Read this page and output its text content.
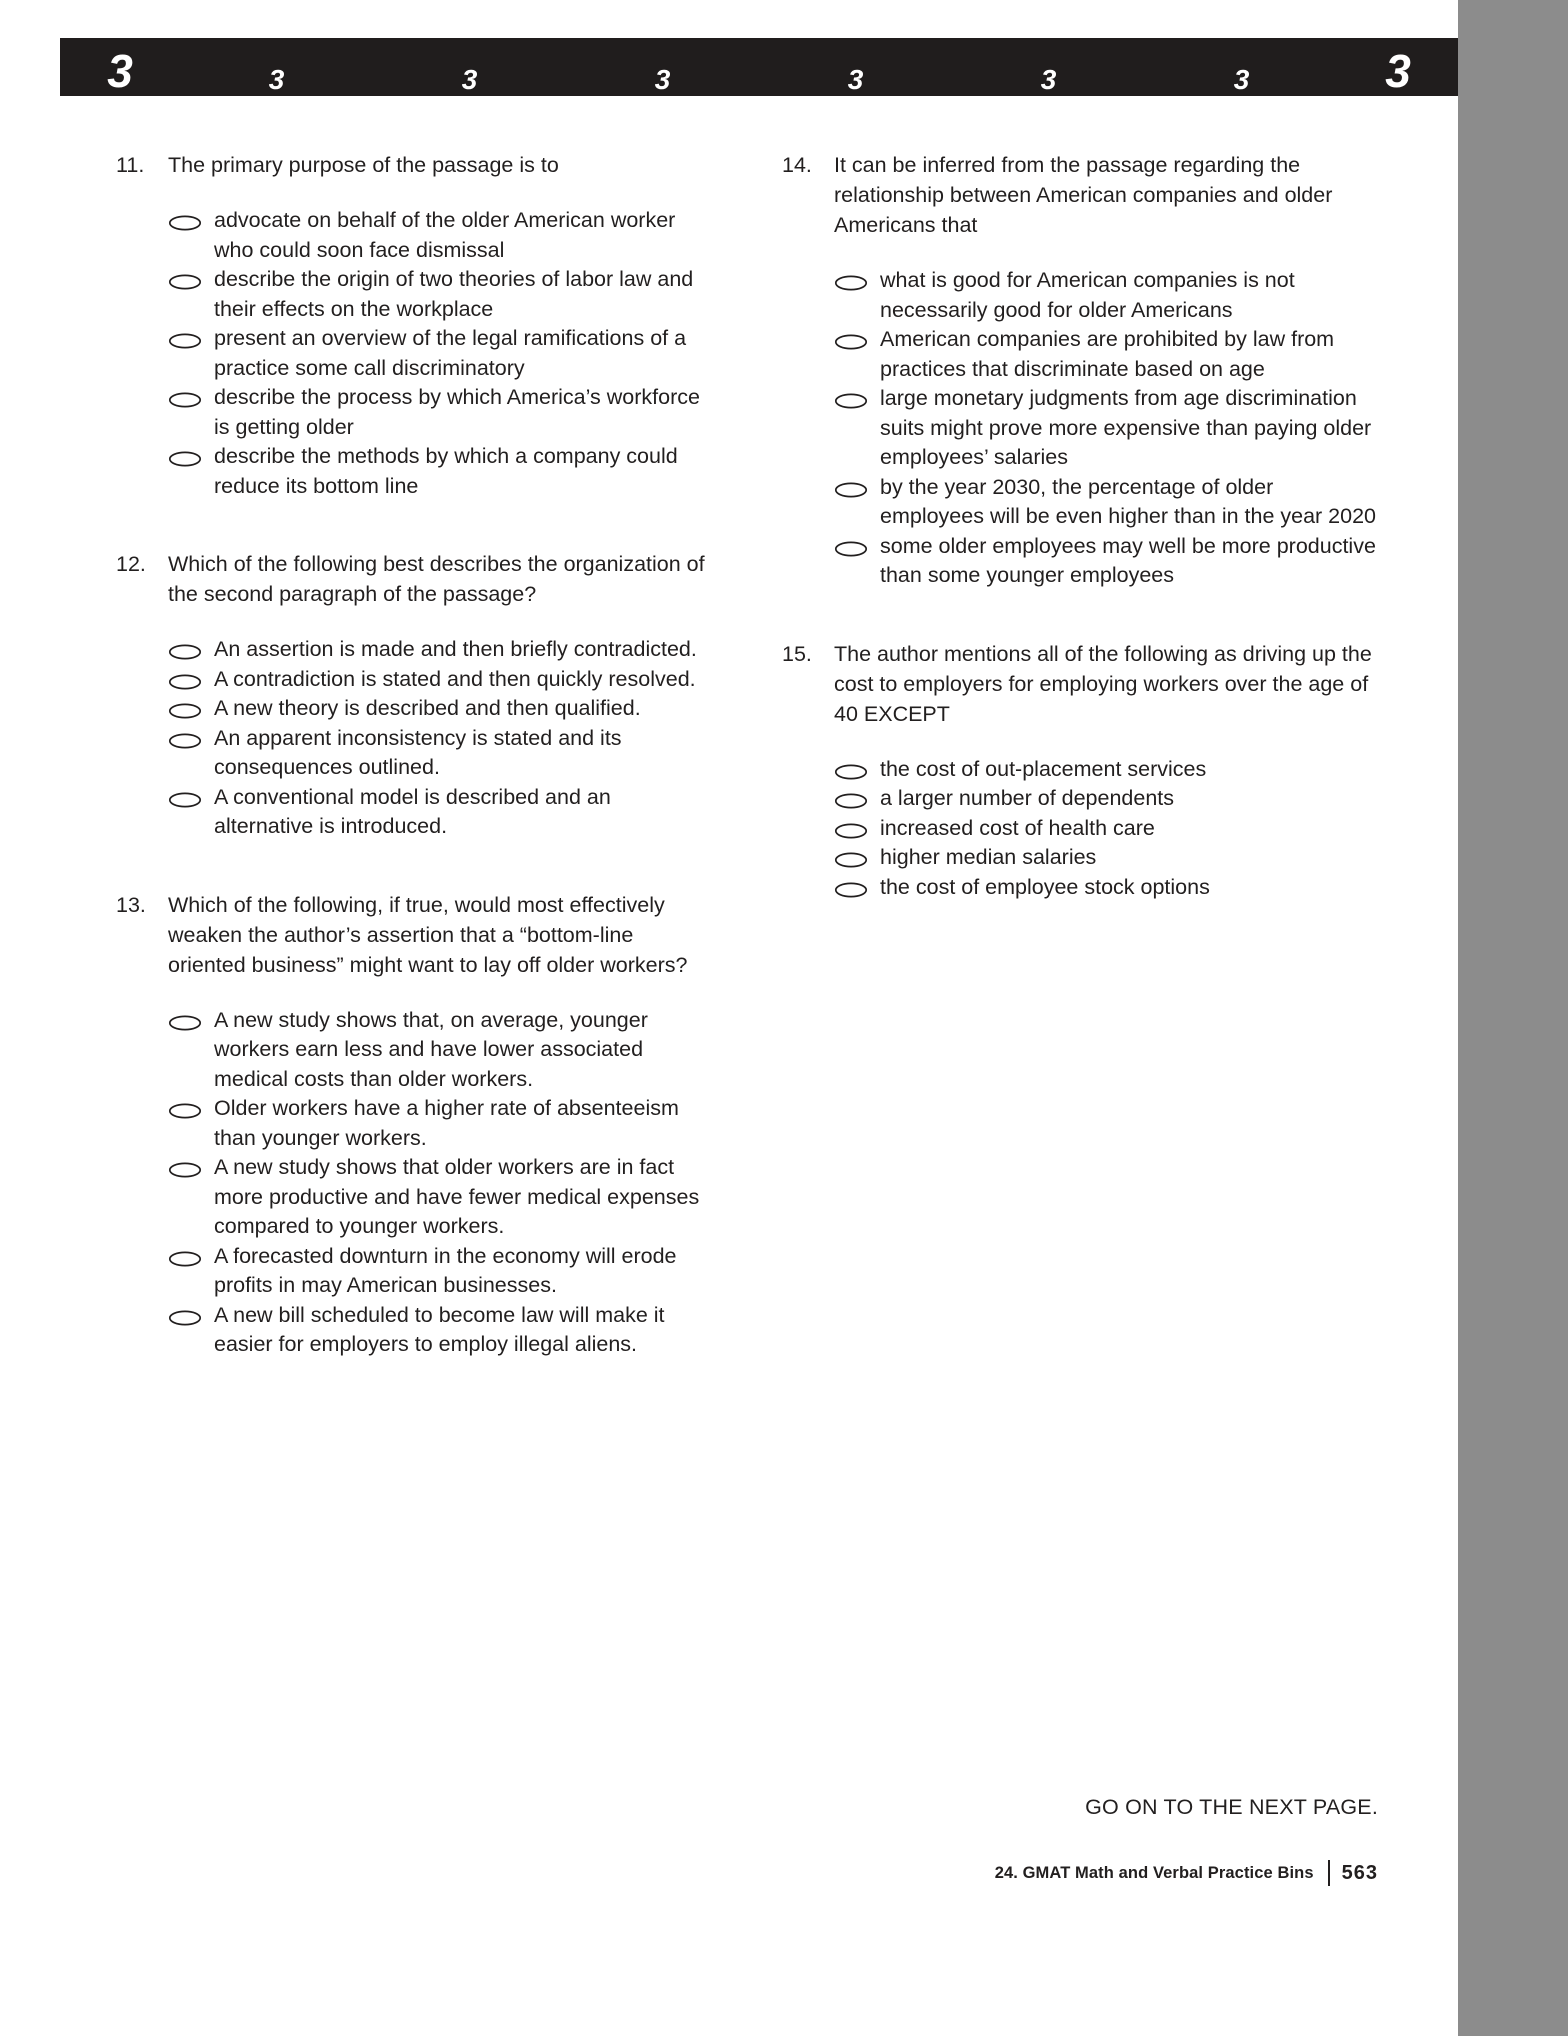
3	3	3	3	3	3	3	3
11.	The primary purpose of the passage is to
advocate on behalf of the older American worker who could soon face dismissal
describe the origin of two theories of labor law and their effects on the workplace
present an overview of the legal ramifications of a practice some call discriminatory
describe the process by which America’s workforce is getting older
describe the methods by which a company could reduce its bottom line
12.	Which of the following best describes the organization of the second paragraph of the passage?
An assertion is made and then briefly contradicted.
A contradiction is stated and then quickly resolved.
A new theory is described and then qualified.
An apparent inconsistency is stated and its consequences outlined.
A conventional model is described and an alternative is introduced.
13.	Which of the following, if true, would most effectively weaken the author’s assertion that a “bottom-line oriented business” might want to lay off older workers?
A new study shows that, on average, younger workers earn less and have lower associated medical costs than older workers.
Older workers have a higher rate of absenteeism than younger workers.
A new study shows that older workers are in fact more productive and have fewer medical expenses compared to younger workers.
A forecasted downturn in the economy will erode profits in may American businesses.
A new bill scheduled to become law will make it easier for employers to employ illegal aliens.
14.	It can be inferred from the passage regarding the relationship between American companies and older Americans that
what is good for American companies is not necessarily good for older Americans
American companies are prohibited by law from practices that discriminate based on age
large monetary judgments from age discrimination suits might prove more expensive than paying older employees’ salaries
by the year 2030, the percentage of older employees will be even higher than in the year 2020
some older employees may well be more productive than some younger employees
15.	The author mentions all of the following as driving up the cost to employers for employing workers over the age of 40 EXCEPT
the cost of out-placement services
a larger number of dependents
increased cost of health care
higher median salaries
the cost of employee stock options
GO ON TO THE NEXT PAGE.
24. GMAT Math and Verbal Practice Bins 563
